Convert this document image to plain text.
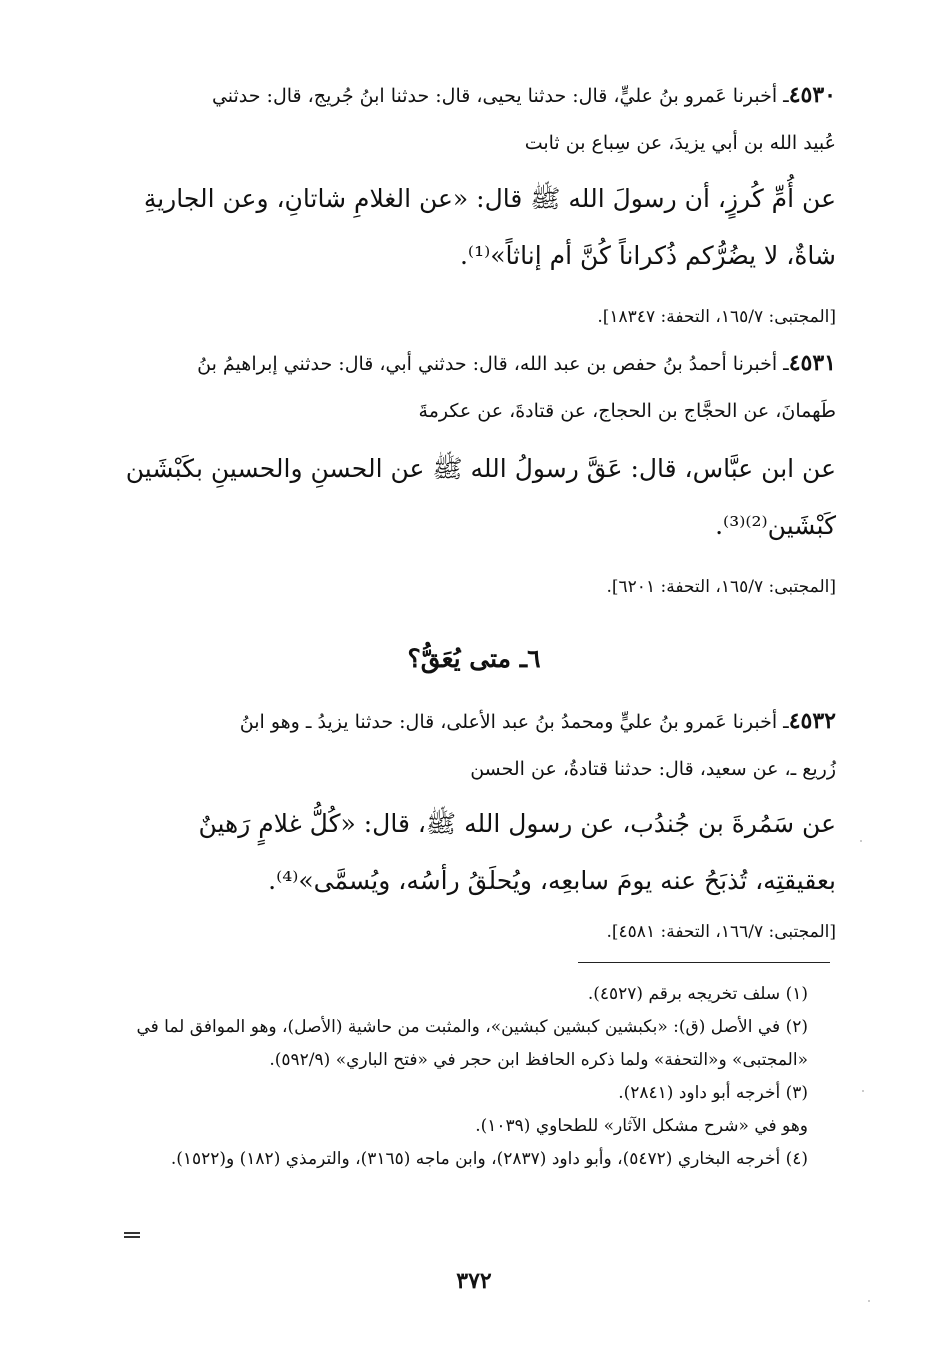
٤٥٣٠ـ أخبرنا عَمرو بنُ عليٍّ، قال: حدثنا يحيى، قال: حدثنا ابنُ جُريج، قال: حدثني
عُبيد الله بن أبي يزيدَ، عن سِباع بن ثابت
عن أُمِّ كُرزٍ، أن رسولَ الله ﷺ قال: «عن الغلامِ شاتانِ، وعن الجاريةِ شاةٌ، لا يضُرُّكم ذُكراناً كُنَّ أم إناثاً»⁽¹⁾.
[المجتبى: ١٦٥/٧، التحفة: ١٨٣٤٧].
٤٥٣١ـ أخبرنا أحمدُ بنُ حفص بن عبد الله، قال: حدثني أبي، قال: حدثني إبراهيمُ بنُ
طَهمانَ، عن الحجَّاج بن الحجاج، عن قتادةَ، عن عكرمةَ
عن ابن عبَّاس، قال: عَقَّ رسولُ الله ﷺ عن الحسنِ والحسينِ بكَبْشَين كَبْشَين⁽²⁾⁽³⁾.
[المجتبى: ١٦٥/٧، التحفة: ٦٢٠١].
٦ـ متى يُعَقُّ؟
٤٥٣٢ـ أخبرنا عَمرو بنُ عليٍّ ومحمدُ بنُ عبد الأعلى، قال: حدثنا يزيدُ ـ وهو ابنُ
زُريع ـ، عن سعيد، قال: حدثنا قتادةُ، عن الحسن
عن سَمُرةَ بن جُندُب، عن رسول الله ﷺ، قال: «كُلُّ غلامٍ رَهينٌ بعقيقتِه، تُذبَحُ عنه يومَ سابعِه، ويُحلَقُ رأسُه، ويُسمَّى»⁽⁴⁾.
[المجتبى: ١٦٦/٧، التحفة: ٤٥٨١].

(١) سلف تخريجه برقم (٤٥٢٧).

(٢) في الأصل (ق): «بكبشين كبشين كبشين»، والمثبت من حاشية (الأصل)، وهو الموافق لما في «المجتبى» و«التحفة» ولما ذكره الحافظ ابن حجر في «فتح الباري» (٥٩٢/٩).

(٣) أخرجه أبو داود (٢٨٤١).

وهو في «شرح مشكل الآثار» للطحاوي (١٠٣٩).

(٤) أخرجه البخاري (٥٤٧٢)، وأبو داود (٢٨٣٧)، وابن ماجه (٣١٦٥)، والترمذي (١٨٢) و(١٥٢٢).

٣٧٢
